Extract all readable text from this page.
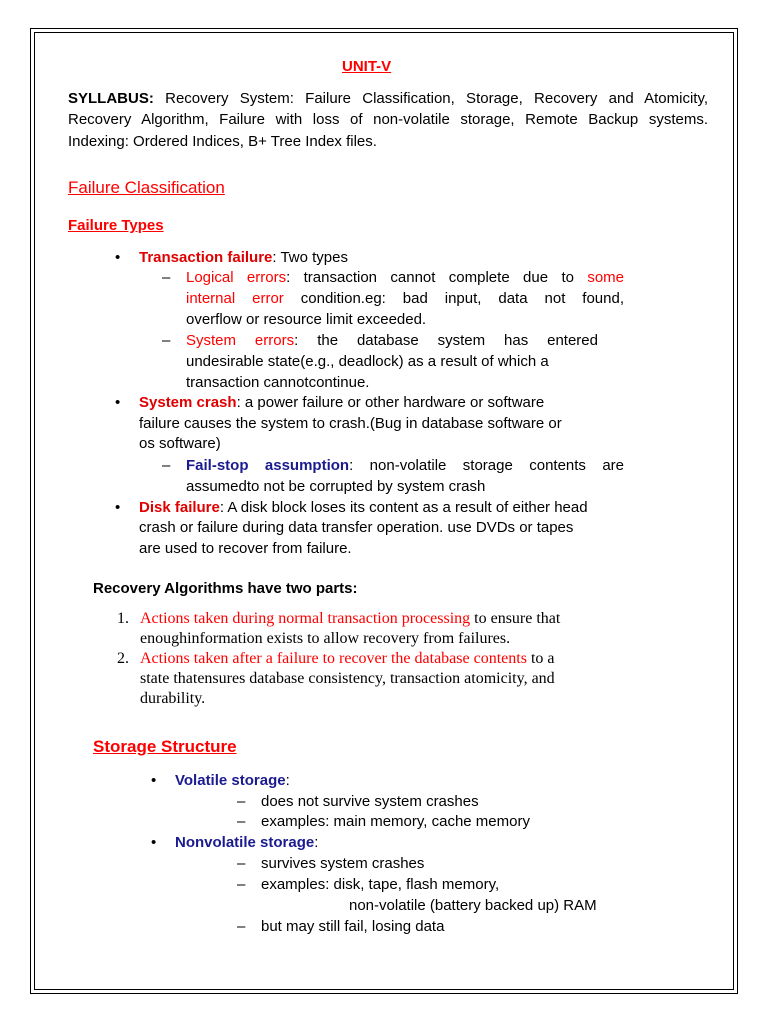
UNIT-V
SYLLABUS: Recovery System: Failure Classification, Storage, Recovery and Atomicity,
Recovery Algorithm, Failure with loss of non-volatile storage, Remote Backup systems.
Indexing: Ordered Indices, B+ Tree Index files.
Failure Classification
Failure Types
• Transaction failure: Two types
– Logical errors: transaction cannot complete due to some
internal error condition.eg: bad input, data not found,
overflow or resource limit exceeded.
– System errors: the database system has entered
undesirable state(e.g., deadlock) as a result of which a
transaction cannotcontinue.
• System crash: a power failure or other hardware or software
failure causes the system to crash.(Bug in database software or
os software)
– Fail-stop assumption: non-volatile storage contents are
assumedto not be corrupted by system crash
• Disk failure: A disk block loses its content as a result of either head
crash or failure during data transfer operation. use DVDs or tapes
are used to recover from failure.
Recovery Algorithms have two parts:
1. Actions taken during normal transaction processing to ensure that
enoughinformation exists to allow recovery from failures.
2. Actions taken after a failure to recover the database contents to a
state thatensures database consistency, transaction atomicity, and
durability.
Storage Structure
• Volatile storage:
– does not survive system crashes
– examples: main memory, cache memory
• Nonvolatile storage:
– survives system crashes
– examples: disk, tape, flash memory,
non-volatile (battery backed up) RAM
– but may still fail, losing data
